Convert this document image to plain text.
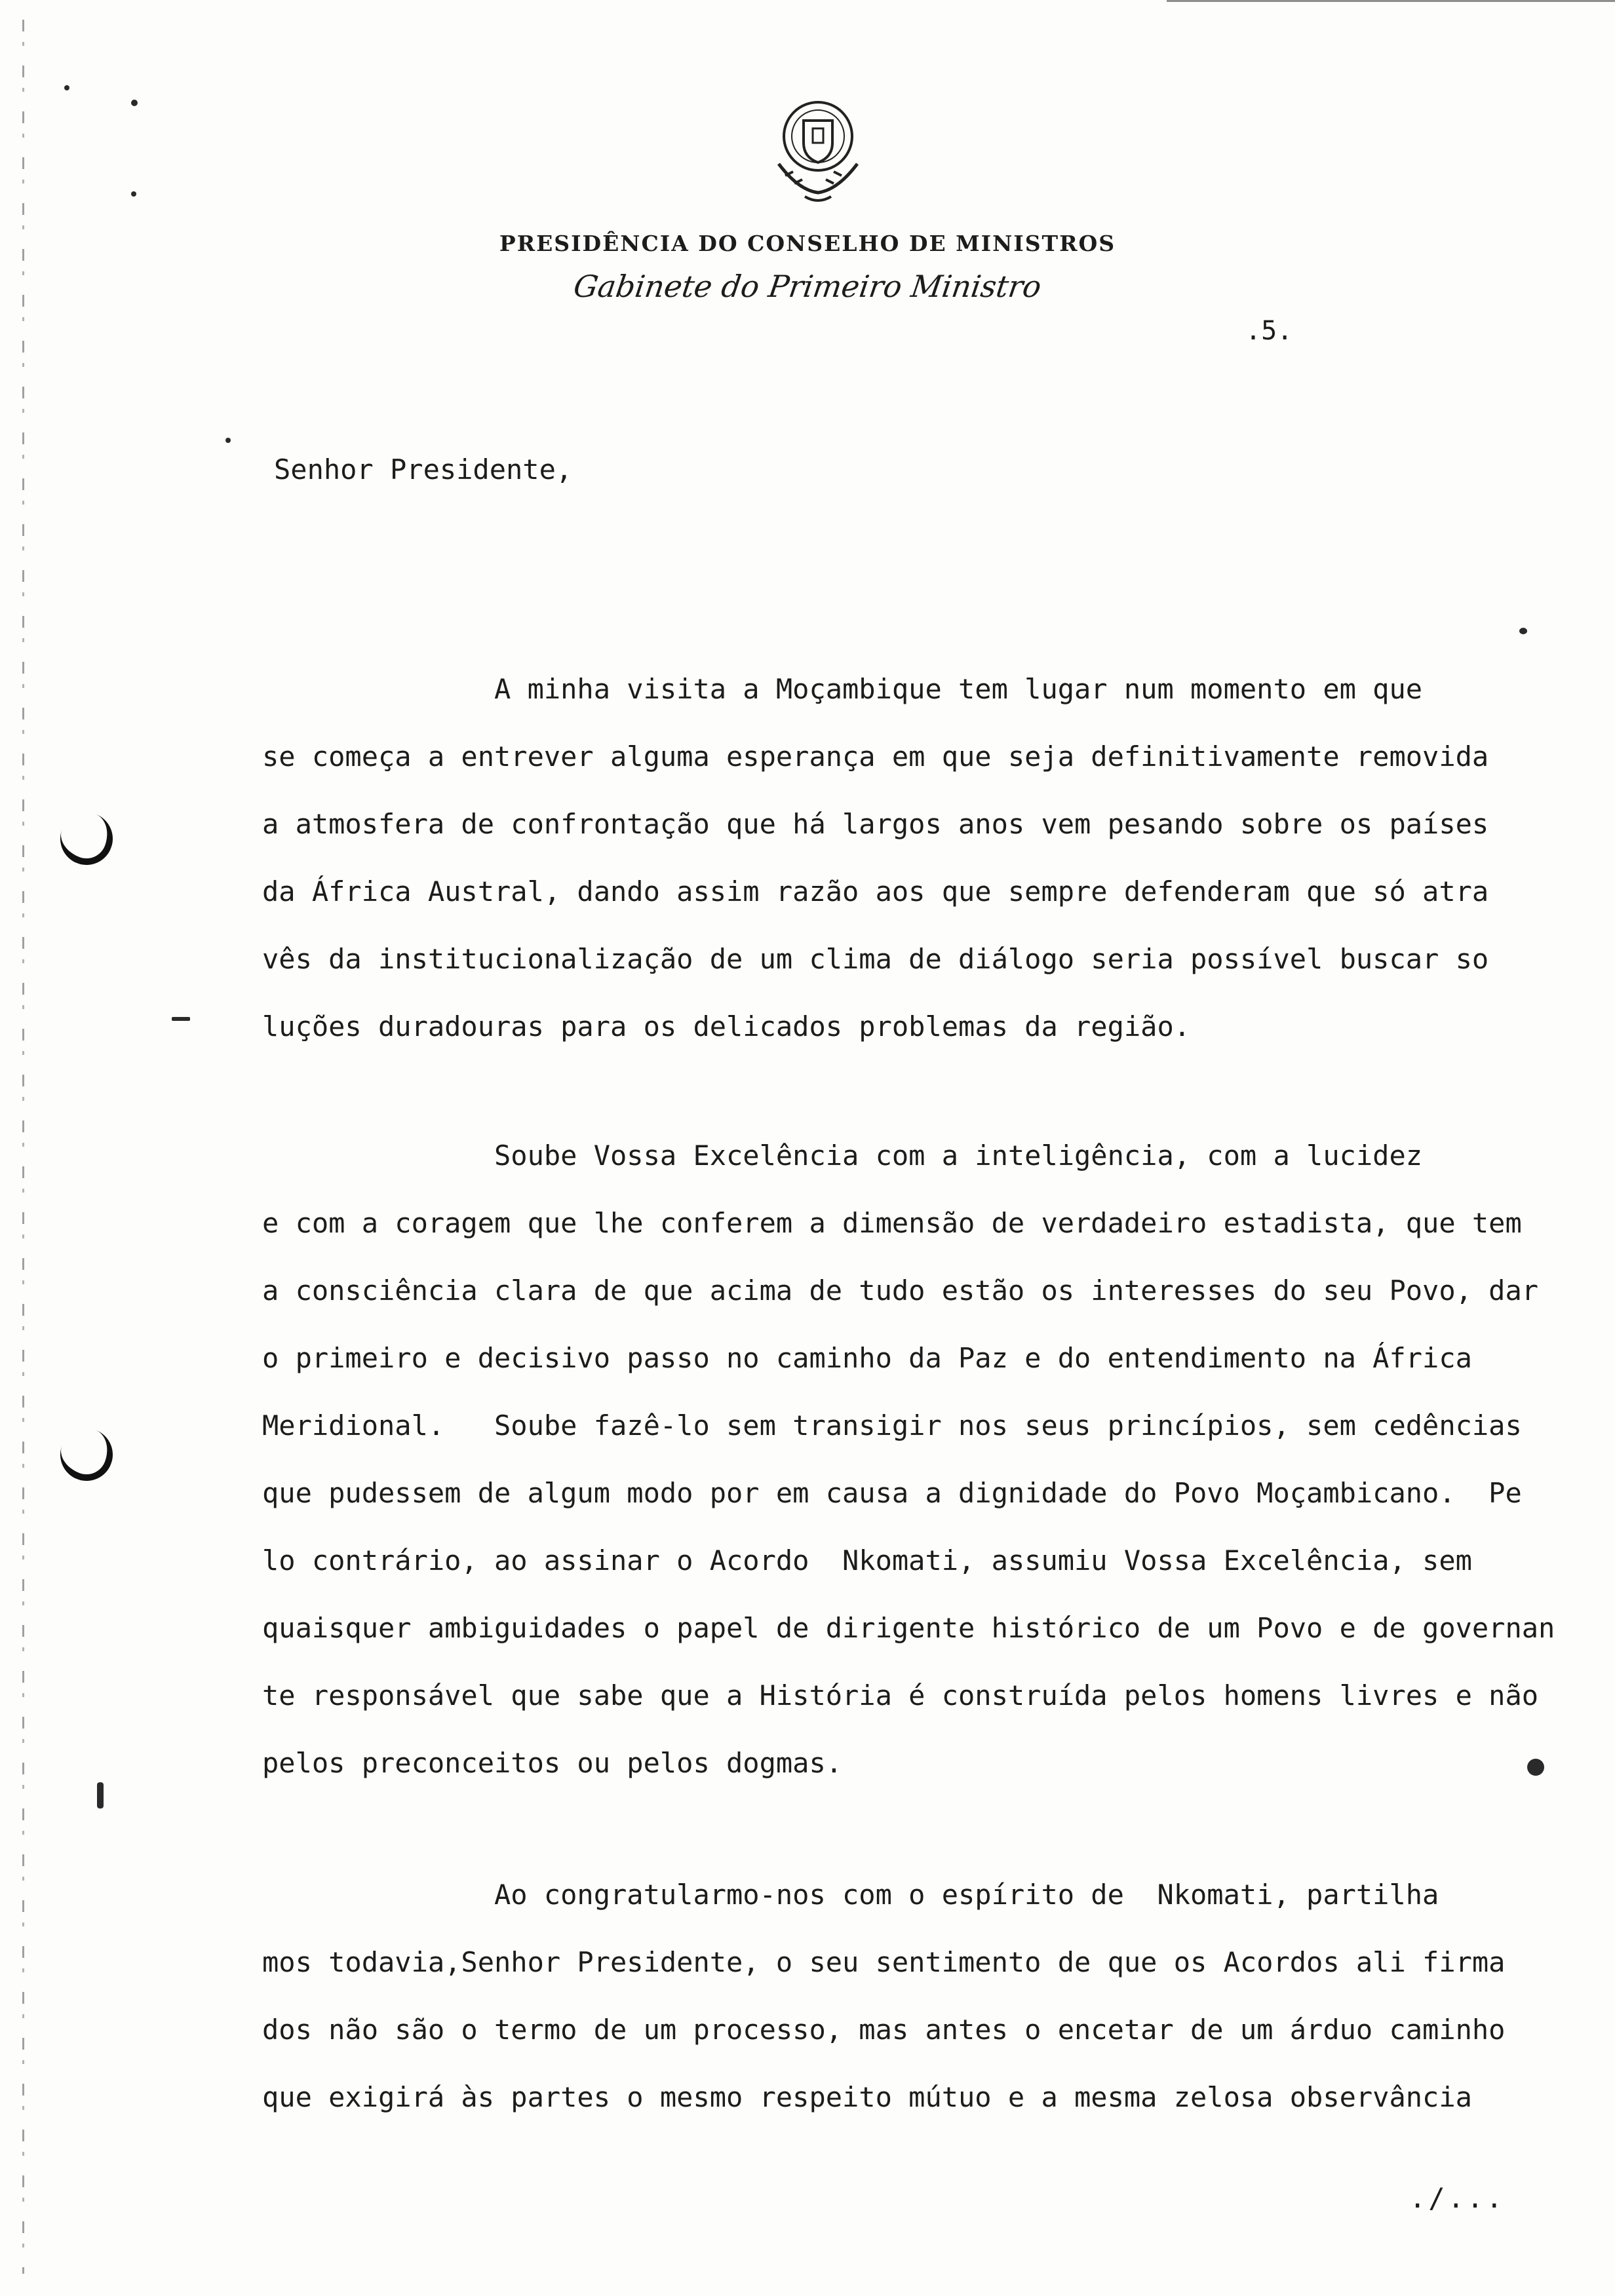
PRESIDÊNCIA DO CONSELHO DE MINISTROS
Gabinete do Primeiro Ministro
.5.
Senhor Presidente,
A minha visita a Moçambique tem lugar num momento em que
se começa a entrever alguma esperança em que seja definitivamente removida
a atmosfera de confrontação que há largos anos vem pesando sobre os países
da África Austral, dando assim razão aos que sempre defenderam que só atra
vês da institucionalização de um clima de diálogo seria possível buscar so
luções duradouras para os delicados problemas da região.
Soube Vossa Excelência com a inteligência, com a lucidez
e com a coragem que lhe conferem a dimensão de verdadeiro estadista, que tem
a consciência clara de que acima de tudo estão os interesses do seu Povo, dar
o primeiro e decisivo passo no caminho da Paz e do entendimento na África
Meridional.   Soube fazê-lo sem transigir nos seus princípios, sem cedências
que pudessem de algum modo por em causa a dignidade do Povo Moçambicano.  Pe
lo contrário, ao assinar o Acordo  Nkomati, assumiu Vossa Excelência, sem
quaisquer ambiguidades o papel de dirigente histórico de um Povo e de governan
te responsável que sabe que a História é construída pelos homens livres e não
pelos preconceitos ou pelos dogmas.
Ao congratularmo-nos com o espírito de  Nkomati, partilha
mos todavia,Senhor Presidente, o seu sentimento de que os Acordos ali firma
dos não são o termo de um processo, mas antes o encetar de um árduo caminho
que exigirá às partes o mesmo respeito mútuo e a mesma zelosa observância
./...
